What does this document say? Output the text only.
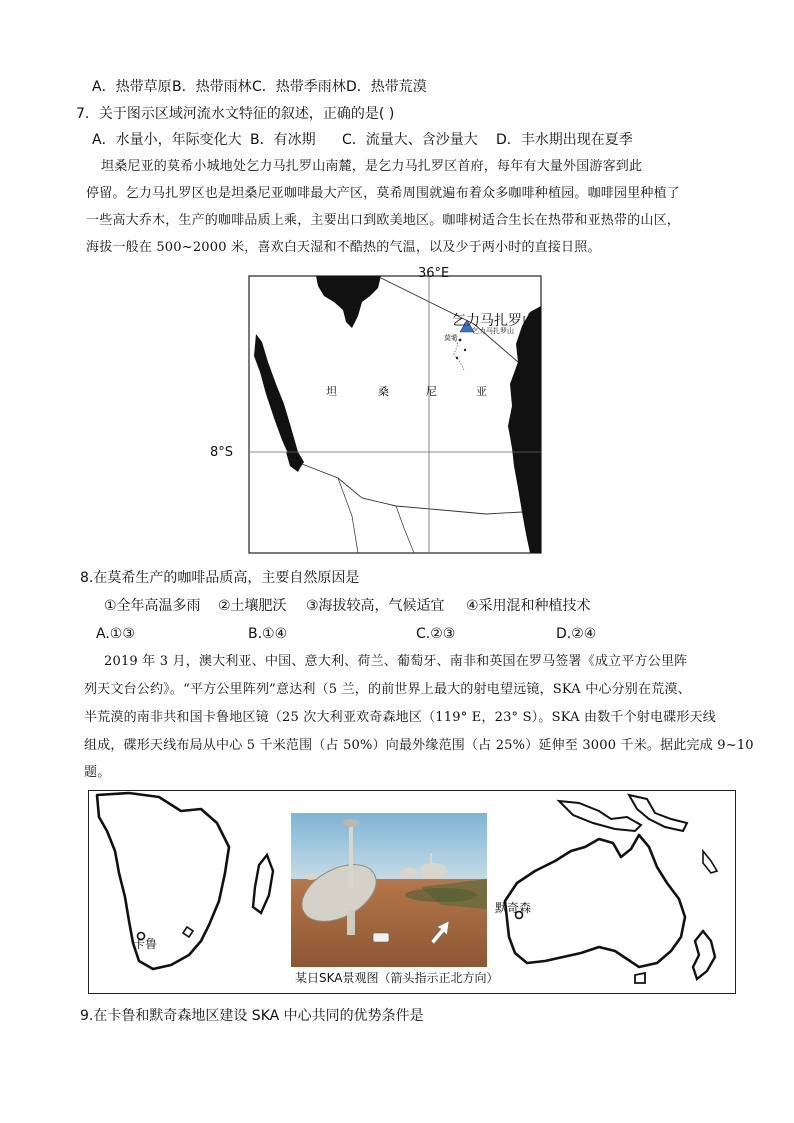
A．热带草原 B．热带雨林 C．热带季雨林 D．热带荒漠
7．关于图示区域河流水文特征的叙述，正确的是( )
A．水量小，年际变化大 B．有冰期 C．流量大、含沙量大 D．丰水期出现在夏季
坦桑尼亚的莫希小城地处乞力马扎罗山南麓，是乞力马扎罗区首府，每年有大量外国游客到此
停留。乞力马扎罗区也是坦桑尼亚咖啡最大产区，莫希周围就遍布着众多咖啡种植园。咖啡园里种植了
一些高大乔木，生产的咖啡品质上乘，主要出口到欧美地区。咖啡树适合生长在热带和亚热带的山区，
海拔一般在 500~2000 米，喜欢白天湿和不酷热的气温，以及少于两小时的直接日照。
36°E
乞力马扎罗山
莫希
乞力马扎罗山
8°S
坦	桑	尼	亚
8.在莫希生产的咖啡品质高，主要自然原因是
①全年高温多雨 ②土壤肥沃 ③海拔较高，气候适宜 ④采用混和种植技术
A.①③	B.①④	C.②③	D.②④
2019 年 3 月，澳大利亚、中国、意大利、荷兰、葡萄牙、南非和英国在罗马签署《成立平方公里阵
列天文台公约》。“平方公里阵列”意达利（5 兰，的前世界上最大的射电望远镜，SKA 中心分别在荒漠、
半荒漠的南非共和国卡鲁地区镜（25 次大利亚欢奇森地区（119° E，23° S）。SKA 由数千个射电碟形天线
组成，碟形天线布局从中心 5 千米范围（占 50%）向最外缘范围（占 25%）延伸至 3000 千米。据此完成 9~10
题。
卡鲁
某日SKA景观图（箭头指示正北方向）
默奇森
9.在卡鲁和默奇森地区建设 SKA 中心共同的优势条件是
